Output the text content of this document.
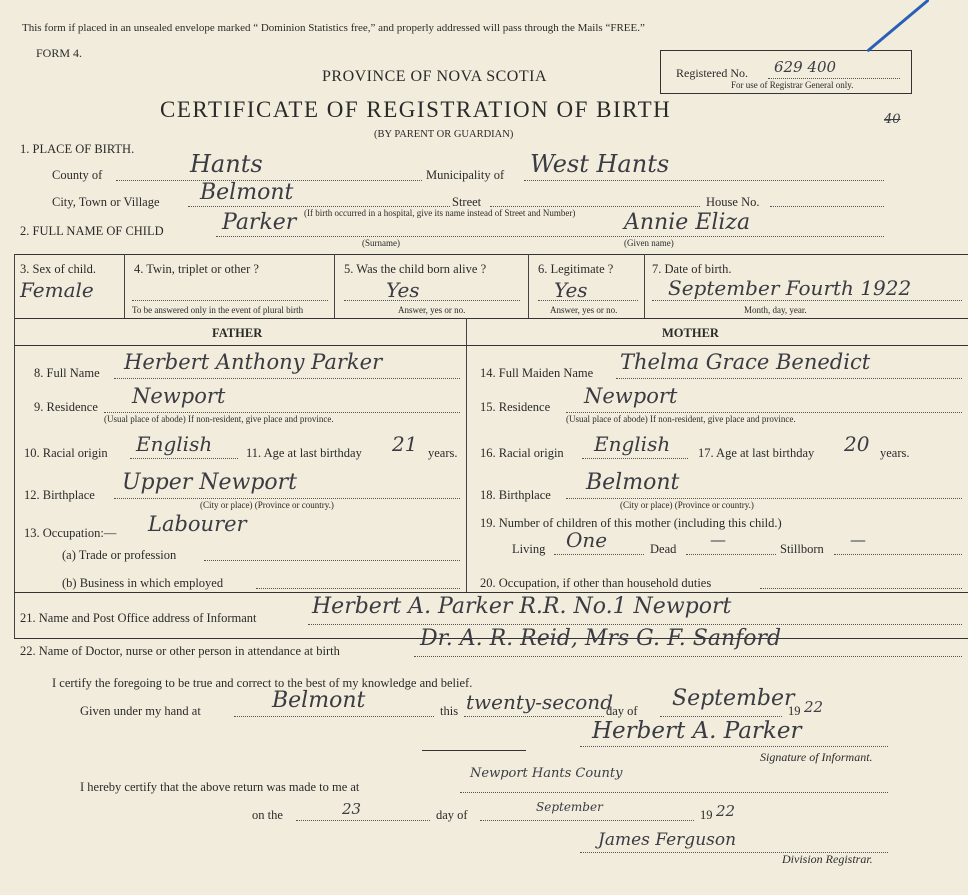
This form if placed in an unsealed envelope marked “ Dominion Statistics free,” and properly addressed will pass through the Mails “FREE.”
FORM 4.
PROVINCE OF NOVA SCOTIA
CERTIFICATE OF REGISTRATION OF BIRTH
(BY PARENT OR GUARDIAN)
Registered No. 629 400
For use of Registrar General only.
40
1. PLACE OF BIRTH.
County of	Hants	Municipality of West Hants
City, Town or Village Belmont	Street	House No.
(If birth occurred in a hospital, give its name instead of Street and Number)
2. FULL NAME OF CHILD	Parker	Annie Eliza
(Surname)	(Given name)
3. Sex of child.
Female
4. Twin, triplet or other ?
To be answered only in the event of plural birth
5. Was the child born alive ?
Yes
Answer, yes or no.
6. Legitimate ?
Yes
Answer, yes or no.
7. Date of birth.
September Fourth 1922
Month, day, year.
FATHER	MOTHER
8. Full Name Herbert Anthony Parker
9. Residence Newport
(Usual place of abode) If non-resident, give place and province.
10. Racial origin English	11. Age at last birthday 21 years.
12. Birthplace Upper Newport
(City or place) (Province or country.)
13. Occupation:— Labourer
(a) Trade or profession
(b) Business in which employed
14. Full Maiden Name Thelma Grace Benedict
15. Residence Newport
(Usual place of abode) If non-resident, give place and province.
16. Racial origin English 17. Age at last birthday 20 years.
18. Birthplace Belmont
(City or place) (Province or country.)
19. Number of children of this mother (including this child.)
Living One	Dead —	Stillborn —
20. Occupation, if other than household duties
21. Name and Post Office address of Informant	Herbert A. Parker R.R. No.1 Newport
22. Name of Doctor, nurse or other person in attendance at birth	Dr. A. R. Reid, Mrs G. F. Sanford
I certify the foregoing to be true and correct to the best of my knowledge and belief.
Given under my hand at	Belmont	this twenty-second
day of September
19 22
Herbert A. Parker
Signature of Informant.
I hereby certify that the above return was made to me at
Newport Hants County
on the	23	day of
September
19 22
James Ferguson
Division Registrar.
